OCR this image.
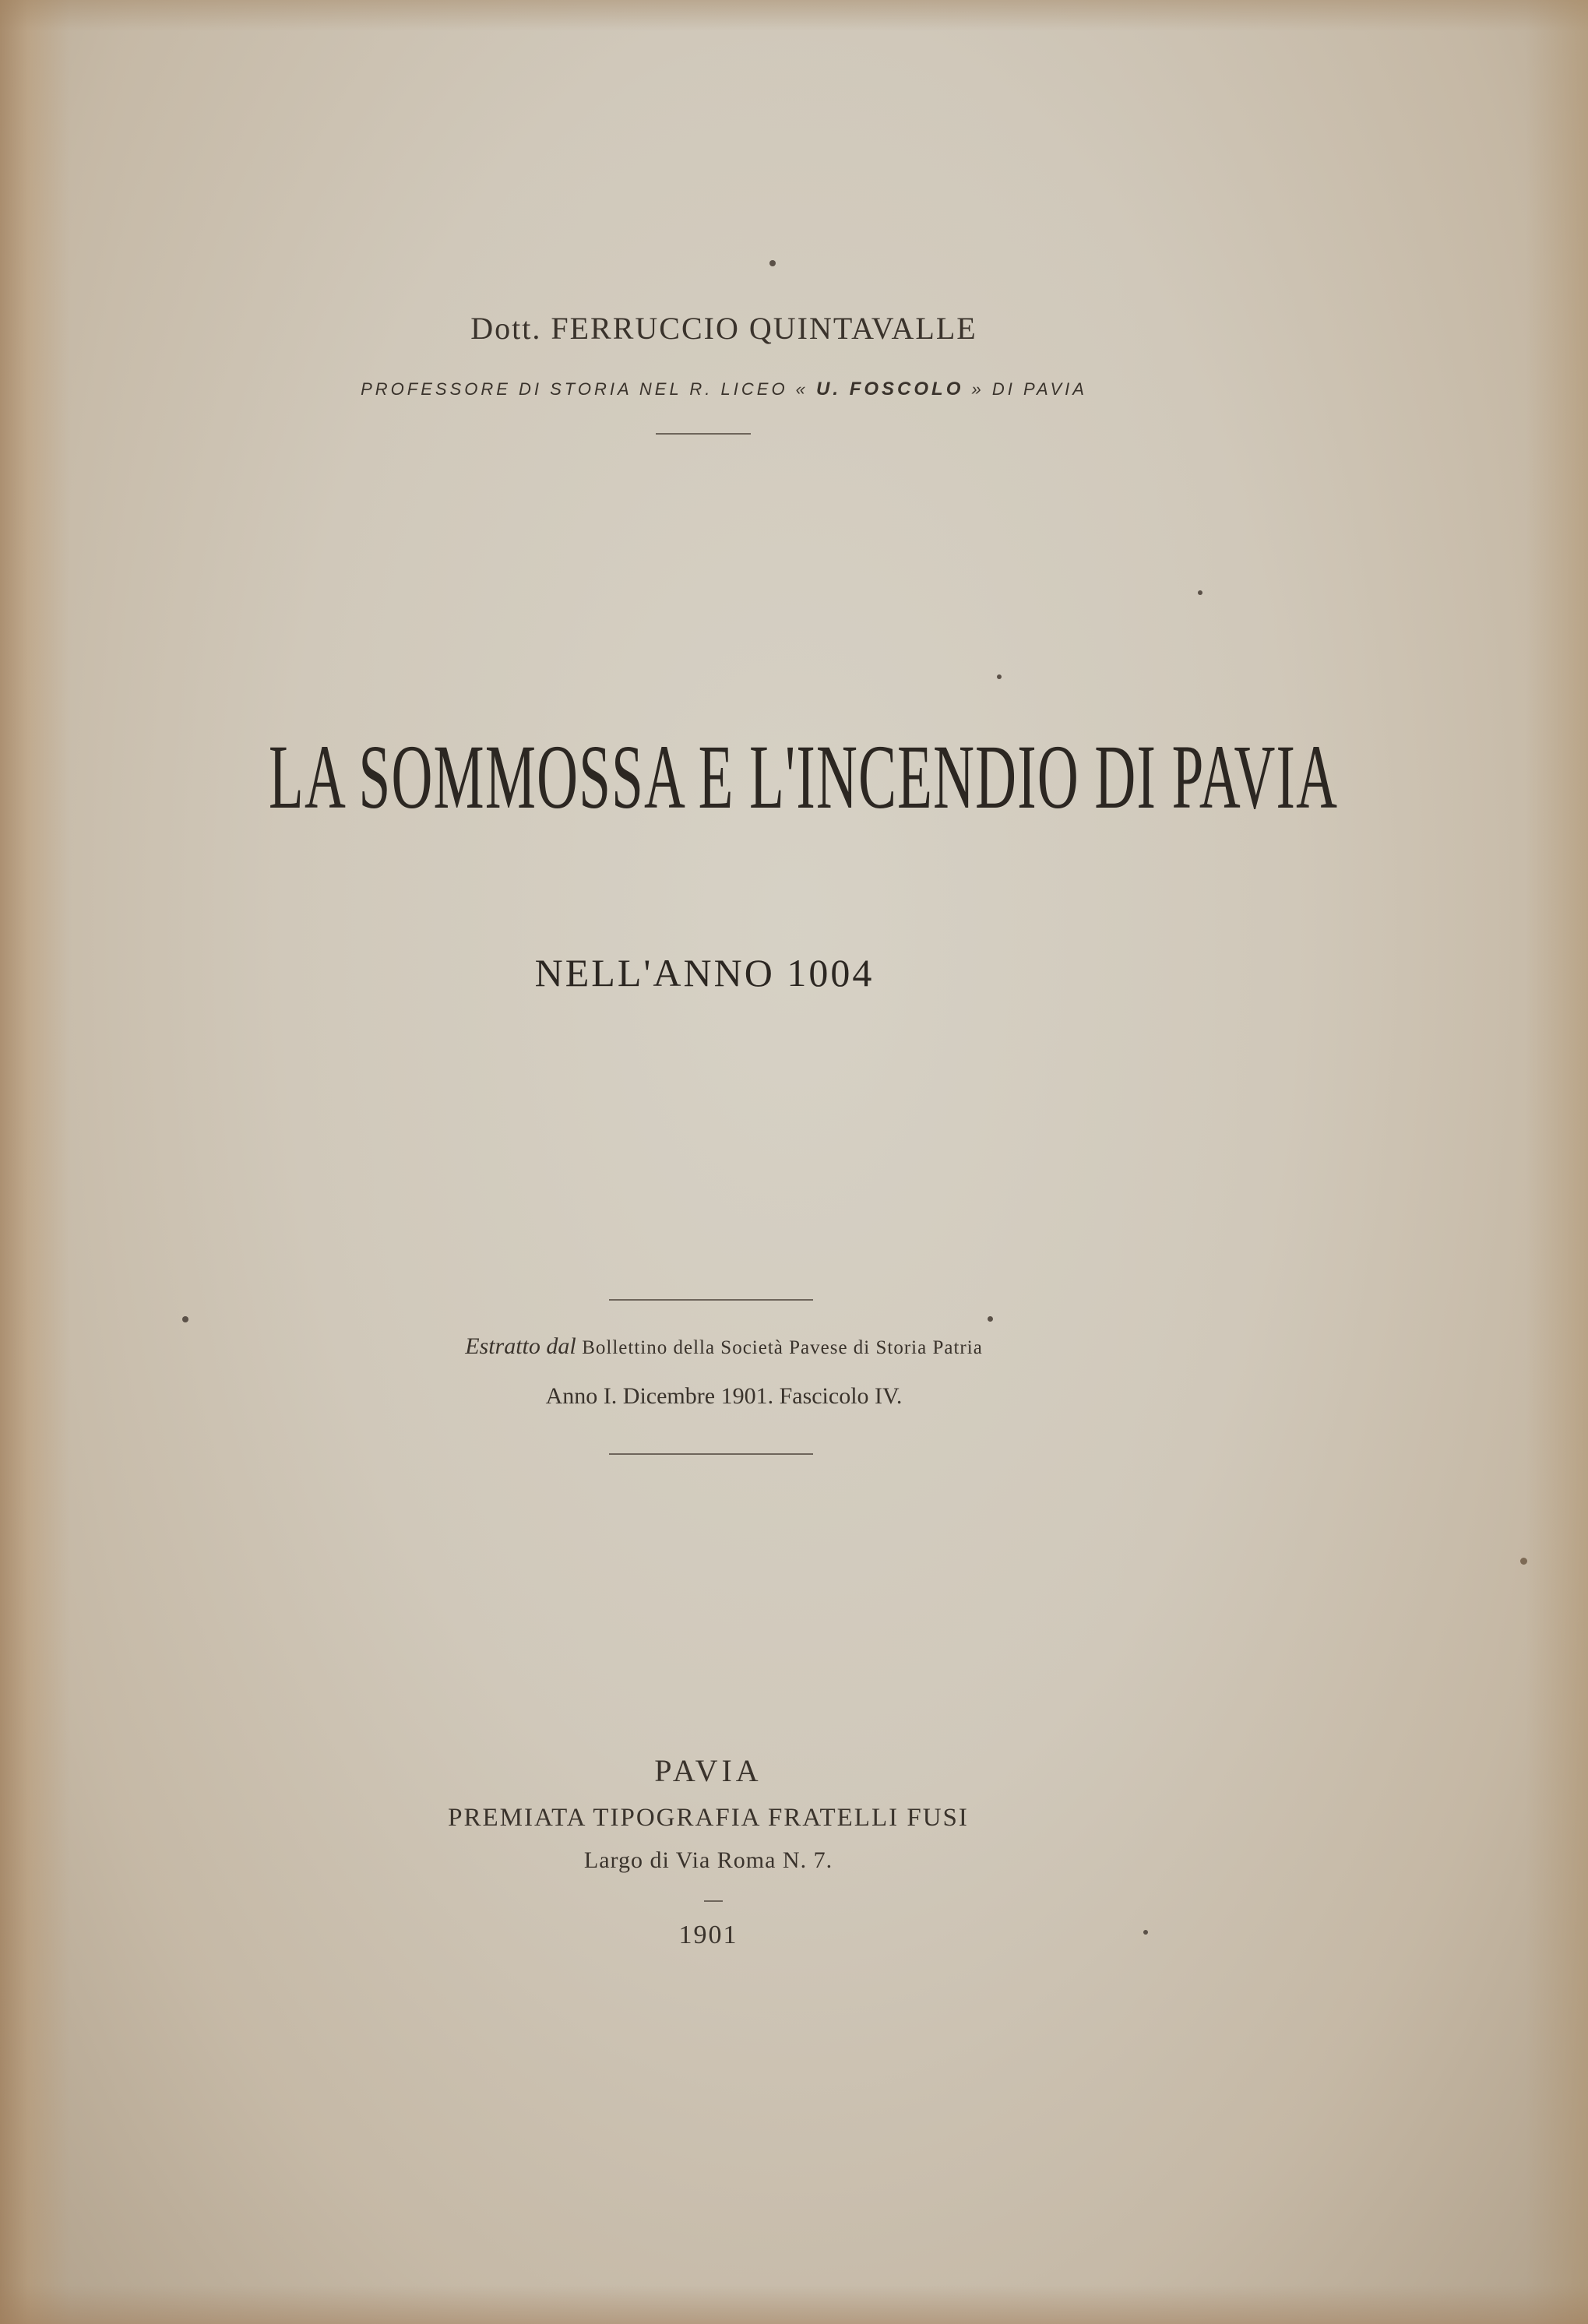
Dott. FERRUCCIO QUINTAVALLE
PROFESSORE DI STORIA NEL R. LICEO « U. FOSCOLO » DI PAVIA
LA SOMMOSSA E L'INCENDIO DI PAVIA
NELL'ANNO 1004
Estratto dal Bollettino della Società Pavese di Storia Patria
Anno I. Dicembre 1901. Fascicolo IV.
PAVIA
PREMIATA TIPOGRAFIA FRATELLI FUSI
Largo di Via Roma N. 7.
1901
